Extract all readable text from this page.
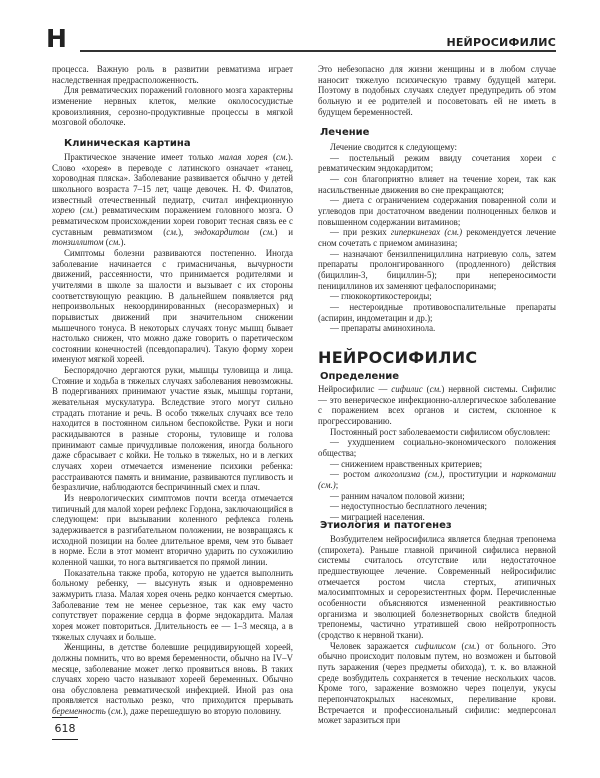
Н	НЕЙРОСИФИЛИС

процесса. Важную роль в развитии ревматизма играет наследственная предрасположенность.

Для ревматических поражений головного мозга характерны изменение нервных клеток, мелкие околососудистые кровоизлияния, серозно-продуктивные процессы в мягкой мозговой оболочке.

Клиническая картина

Практическое значение имеет только малая хорея (см.). Слово «хорея» в переводе с латинского означает «танец, хороводная пляска». Заболевание развивается обычно у детей школьного возраста 7–15 лет, чаще девочек. Н. Ф. Филатов, известный отечественный педиатр, считал инфекционную хорею (см.) ревматическим поражением головного мозга. О ревматическом происхождении хореи говорит тесная связь ее с суставным ревматизмом (см.), эндокардитом (см.) и тонзиллитом (см.).

Симптомы болезни развиваются постепенно. Иногда заболевание начинается с гримасничанья, вычурности движений, рассеянности, что принимается родителями и учителями в школе за шалости и вызывает с их стороны соответствующую реакцию. В дальнейшем появляется ряд непроизвольных некоординированных (несоразмерных) и порывистых движений при значительном снижении мышечного тонуса. В некоторых случаях тонус мышц бывает настолько снижен, что можно даже говорить о паретическом состоянии конечностей (псевдопаралич). Такую форму хореи именуют мягкой хореей.

Беспорядочно дергаются руки, мышцы туловища и лица. Стояние и ходьба в тяжелых случаях заболевания невозможны. В подергиваниях принимают участие язык, мышцы гортани, жевательная мускулатура. Вследствие этого могут сильно страдать глотание и речь. В особо тяжелых случаях все тело находится в постоянном сильном беспокойстве. Руки и ноги раскидываются в разные стороны, туловище и голова принимают самые причудливые положения, иногда больного даже сбрасывает с койки. Не только в тяжелых, но и в легких случаях хореи отмечается изменение психики ребенка: расстраиваются память и внимание, развиваются пугливость и безразличие, наблюдаются беспричинный смех и плач.

Из неврологических симптомов почти всегда отмечается типичный для малой хореи рефлекс Гордона, заключающийся в следующем: при вызывании коленного рефлекса голень задерживается в разгибательном положении, не возвращаясь к исходной позиции на более длительное время, чем это бывает в норме. Если в этот момент вторично ударить по сухожилию коленной чашки, то нога вытягивается по прямой линии.

Показательна также проба, которую не удается выполнить больному ребенку, — высунуть язык и одновременно зажмурить глаза. Малая хорея очень редко кончается смертью. Заболевание тем не менее серьезное, так как ему часто сопутствует поражение сердца в форме эндокардита. Малая хорея может повториться. Длительность ее — 1–3 месяца, а в тяжелых случаях и больше.

Женщины, в детстве болевшие рецидивирующей хореей, должны помнить, что во время беременности, обычно на IV–V месяце, заболевание может легко проявиться вновь. В таких случаях хорею часто называют хореей беременных. Обычно она обусловлена ревматической инфекцией. Иной раз она проявляется настолько резко, что приходится прерывать беременность (см.), даже перешедшую во вторую половину.

Это небезопасно для жизни женщины и в любом случае наносит тяжелую психическую травму будущей матери. Поэтому в подобных случаях следует предупредить об этом больную и ее родителей и посоветовать ей не иметь в будущем беременностей.

Лечение

Лечение сводится к следующему:

— постельный режим ввиду сочетания хореи с ревматическим эндокардитом;

— сон благоприятно влияет на течение хореи, так как насильственные движения во сне прекращаются;

— диета с ограничением содержания поваренной соли и углеводов при достаточном введении полноценных белков и повышенном содержании витаминов;

— при резких гиперкинезах (см.) рекомендуется лечение сном сочетать с приемом аминазина;

— назначают бензилпенициллина натриевую соль, затем препараты пролонгированного (продленного) действия (бициллин-3, бициллин-5); при непереносимости пенициллинов их заменяют цефалоспоринами;

— глюкокортикостероиды;

— нестероидные противовоспалительные препараты (аспирин, индометацин и др.);

— препараты аминохинола.

НЕЙРОСИФИЛИС
Определение

Нейросифилис — сифилис (см.) нервной системы. Сифилис — это венерическое инфекционно-аллергическое заболевание с поражением всех органов и систем, склонное к прогрессированию.

Постоянный рост заболеваемости сифилисом обусловлен:

— ухудшением социально-экономического положения общества;

— снижением нравственных критериев;

— ростом алкоголизма (см.), проституции и наркомании (см.);

— ранним началом половой жизни;

— недоступностью бесплатного лечения;

— миграцией населения.

Этиология и патогенез

Возбудителем нейросифилиса является бледная трепонема (спирохета). Раньше главной причиной сифилиса нервной системы считалось отсутствие или недостаточное предшествующее лечение. Современный нейросифилис отмечается ростом числа стертых, атипичных малосимптомных и серорезистентных форм. Перечисленные особенности объясняются измененной реактивностью организма и эволюцией болезнетворных свойств бледной трепонемы, частично утратившей свою нейротропность (сродство к нервной ткани).

Человек заражается сифилисом (см.) от больного. Это обычно происходит половым путем, но возможен и бытовой путь заражения (через предметы обихода), т. к. во влажной среде возбудитель сохраняется в течение нескольких часов. Кроме того, заражение возможно через поцелуи, укусы перепончатокрылых насекомых, переливание крови. Встречается и профессиональный сифилис: медперсонал может заразиться при

618
